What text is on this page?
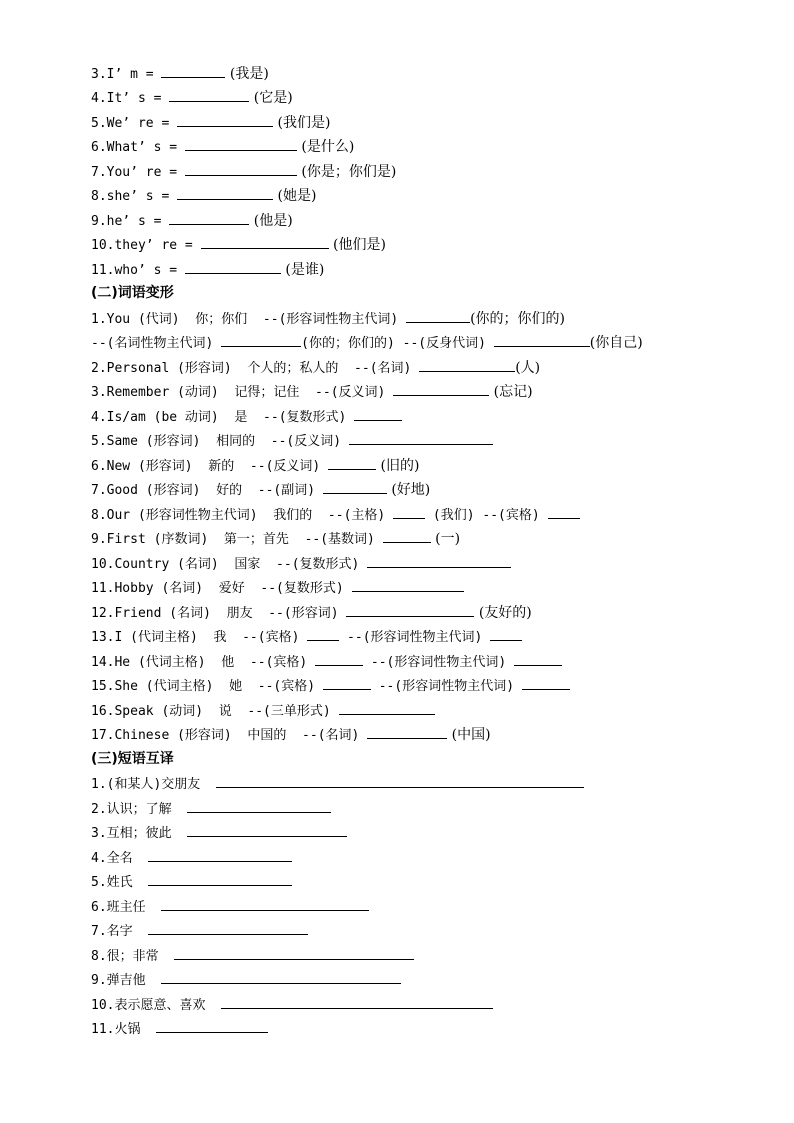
3.I’ m =	(我是)
4.It’ s =	(它是)
5.We’ re =	(我们是)
6.What’ s =	(是什么)
7.You’ re =	(你是；你们是)
8.she’ s =	(她是)
9.he’ s =	(他是)
10.they’ re =	(他们是)
11.who’ s =	(是谁)
(二)词语变形
1.You (代词)  你；你们  --(形容词性物主代词)	(你的；你们的)
--(名词性物主代词)	(你的；你们的) --(反身代词)	(你自己)
2.Personal (形容词)  个人的；私人的  --(名词)	(人)
3.Remember (动词)  记得；记住  --(反义词)	(忘记)
4.Is/am (be 动词)  是  --(复数形式)
5.Same (形容词)  相同的  --(反义词)
6.New (形容词)  新的  --(反义词)	(旧的)
7.Good (形容词)  好的  --(副词)	(好地)
8.Our (形容词性物主代词)  我们的  --(主格)  (我们) --(宾格)
9.First (序数词)  第一；首先  --(基数词)	(一)
10.Country (名词)  国家  --(复数形式)
11.Hobby (名词)  爱好  --(复数形式)
12.Friend (名词)  朋友  --(形容词)	(友好的)
13.I (代词主格)  我  --(宾格)  --(形容词性物主代词)
14.He (代词主格)  他  --(宾格)	--(形容词性物主代词)
15.She (代词主格)  她  --(宾格)	--(形容词性物主代词)
16.Speak (动词)  说  --(三单形式)
17.Chinese (形容词)  中国的  --(名词)	(中国)
(三)短语互译
1.(和某人)交朋友
2.认识；了解
3.互相；彼此
4.全名
5.姓氏
6.班主任
7.名字
8.很；非常
9.弹吉他
10.表示愿意、喜欢
11.火锅
